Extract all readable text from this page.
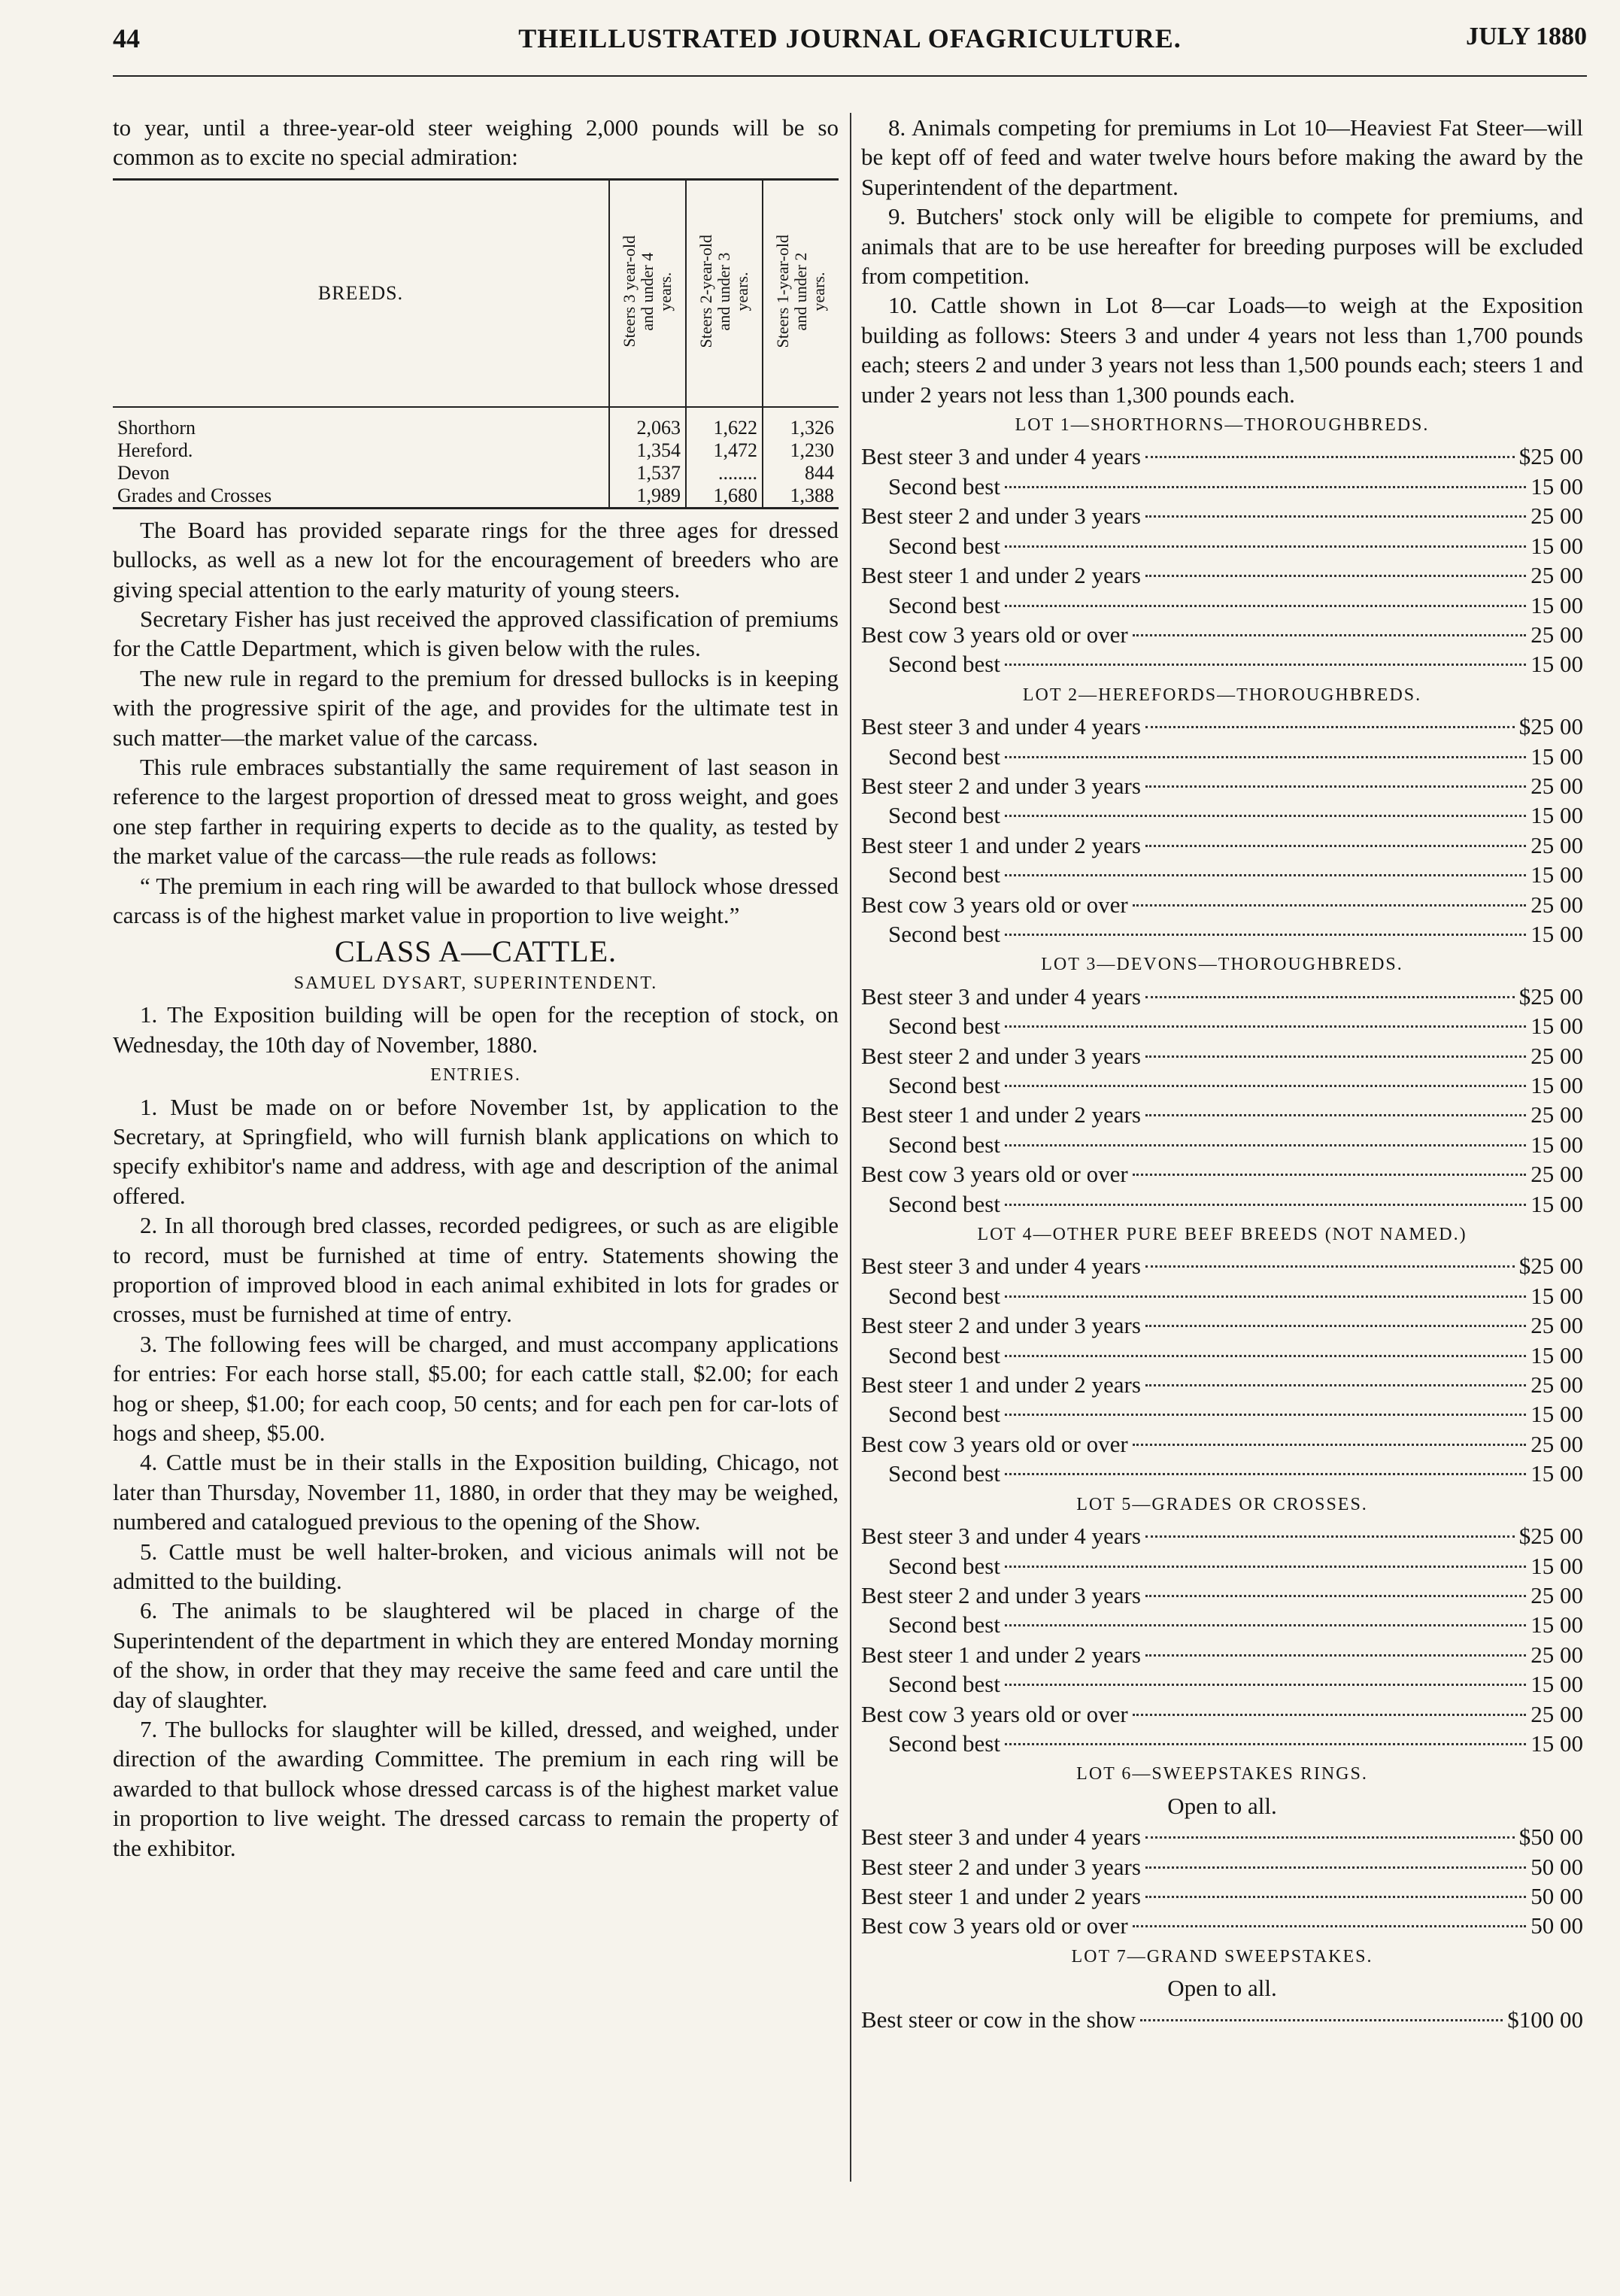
44	THEILLUSTRATED JOURNAL OFAGRICULTURE.	JULY 1880

to year, until a three-year-old steer weighing 2,000 pounds will be so common as to excite no special admiration:

BREEDS.	Steers 3 year-old
and under 4
years.	Steers 2-year-old
and under 3
years.	Steers 1-year-old
and under 2
years.
Shorthorn	2,063	1,622	1,326
Hereford.	1,354	1,472	1,230
Devon	1,537	........	844
Grades and Crosses	1,989	1,680	1,388

The Board has provided separate rings for the three ages for dressed bullocks, as well as a new lot for the encouragement of breeders who are giving special attention to the early maturity of young steers.

Secretary Fisher has just received the approved classification of premiums for the Cattle Department, which is given below with the rules.

The new rule in regard to the premium for dressed bullocks is in keeping with the progressive spirit of the age, and provides for the ultimate test in such matter—the market value of the carcass.

This rule embraces substantially the same requirement of last season in reference to the largest proportion of dressed meat to gross weight, and goes one step farther in requiring experts to decide as to the quality, as tested by the market value of the carcass—the rule reads as follows:

“ The premium in each ring will be awarded to that bullock whose dressed carcass is of the highest market value in proportion to live weight.”

CLASS A—CATTLE.
SAMUEL DYSART, SUPERINTENDENT.

1. The Exposition building will be open for the reception of stock, on Wednesday, the 10th day of November, 1880.

ENTRIES.

1. Must be made on or before November 1st, by application to the Secretary, at Springfield, who will furnish blank applications on which to specify exhibitor's name and address, with age and description of the animal offered.

2. In all thorough bred classes, recorded pedigrees, or such as are eligible to record, must be furnished at time of entry. Statements showing the proportion of improved blood in each animal exhibited in lots for grades or crosses, must be furnished at time of entry.

3. The following fees will be charged, and must accompany applications for entries: For each horse stall, $5.00; for each cattle stall, $2.00; for each hog or sheep, $1.00; for each coop, 50 cents; and for each pen for car-lots of hogs and sheep, $5.00.

4. Cattle must be in their stalls in the Exposition building, Chicago, not later than Thursday, November 11, 1880, in order that they may be weighed, numbered and catalogued previous to the opening of the Show.

5. Cattle must be well halter-broken, and vicious animals will not be admitted to the building.

6. The animals to be slaughtered wil be placed in charge of the Superintendent of the department in which they are entered Monday morning of the show, in order that they may receive the same feed and care until the day of slaughter.

7. The bullocks for slaughter will be killed, dressed, and weighed, under direction of the awarding Committee. The premium in each ring will be awarded to that bullock whose dressed carcass is of the highest market value in proportion to live weight. The dressed carcass to remain the property of the exhibitor.

8. Animals competing for premiums in Lot 10—Heaviest Fat Steer—will be kept off of feed and water twelve hours before making the award by the Superintendent of the department.

9. Butchers' stock only will be eligible to compete for premiums, and animals that are to be use hereafter for breeding purposes will be excluded from competition.

10. Cattle shown in Lot 8—car Loads—to weigh at the Exposition building as follows: Steers 3 and under 4 years not less than 1,700 pounds each; steers 2 and under 3 years not less than 1,500 pounds each; steers 1 and under 2 years not less than 1,300 pounds each.

LOT 1—SHORTHORNS—THOROUGHBREDS.
Best steer 3 and under 4 years	$25 00
Second best	15 00
Best steer 2 and under 3 years	25 00
Second best	15 00
Best steer 1 and under 2 years	25 00
Second best	15 00
Best cow 3 years old or over	25 00
Second best	15 00
LOT 2—HEREFORDS—THOROUGHBREDS.
Best steer 3 and under 4 years	$25 00
Second best	15 00
Best steer 2 and under 3 years	25 00
Second best	15 00
Best steer 1 and under 2 years	25 00
Second best	15 00
Best cow 3 years old or over	25 00
Second best	15 00
LOT 3—DEVONS—THOROUGHBREDS.
Best steer 3 and under 4 years	$25 00
Second best	15 00
Best steer 2 and under 3 years	25 00
Second best	15 00
Best steer 1 and under 2 years	25 00
Second best	15 00
Best cow 3 years old or over	25 00
Second best	15 00
LOT 4—OTHER PURE BEEF BREEDS (NOT NAMED.)
Best steer 3 and under 4 years	$25 00
Second best	15 00
Best steer 2 and under 3 years	25 00
Second best	15 00
Best steer 1 and under 2 years	25 00
Second best	15 00
Best cow 3 years old or over	25 00
Second best	15 00
LOT 5—GRADES OR CROSSES.
Best steer 3 and under 4 years	$25 00
Second best	15 00
Best steer 2 and under 3 years	25 00
Second best	15 00
Best steer 1 and under 2 years	25 00
Second best	15 00
Best cow 3 years old or over	25 00
Second best	15 00
LOT 6—SWEEPSTAKES RINGS.
Open to all.
Best steer 3 and under 4 years	$50 00
Best steer 2 and under 3 years	50 00
Best steer 1 and under 2 years	50 00
Best cow 3 years old or over	50 00
LOT 7—GRAND SWEEPSTAKES.
Open to all.
Best steer or cow in the show	$100 00
